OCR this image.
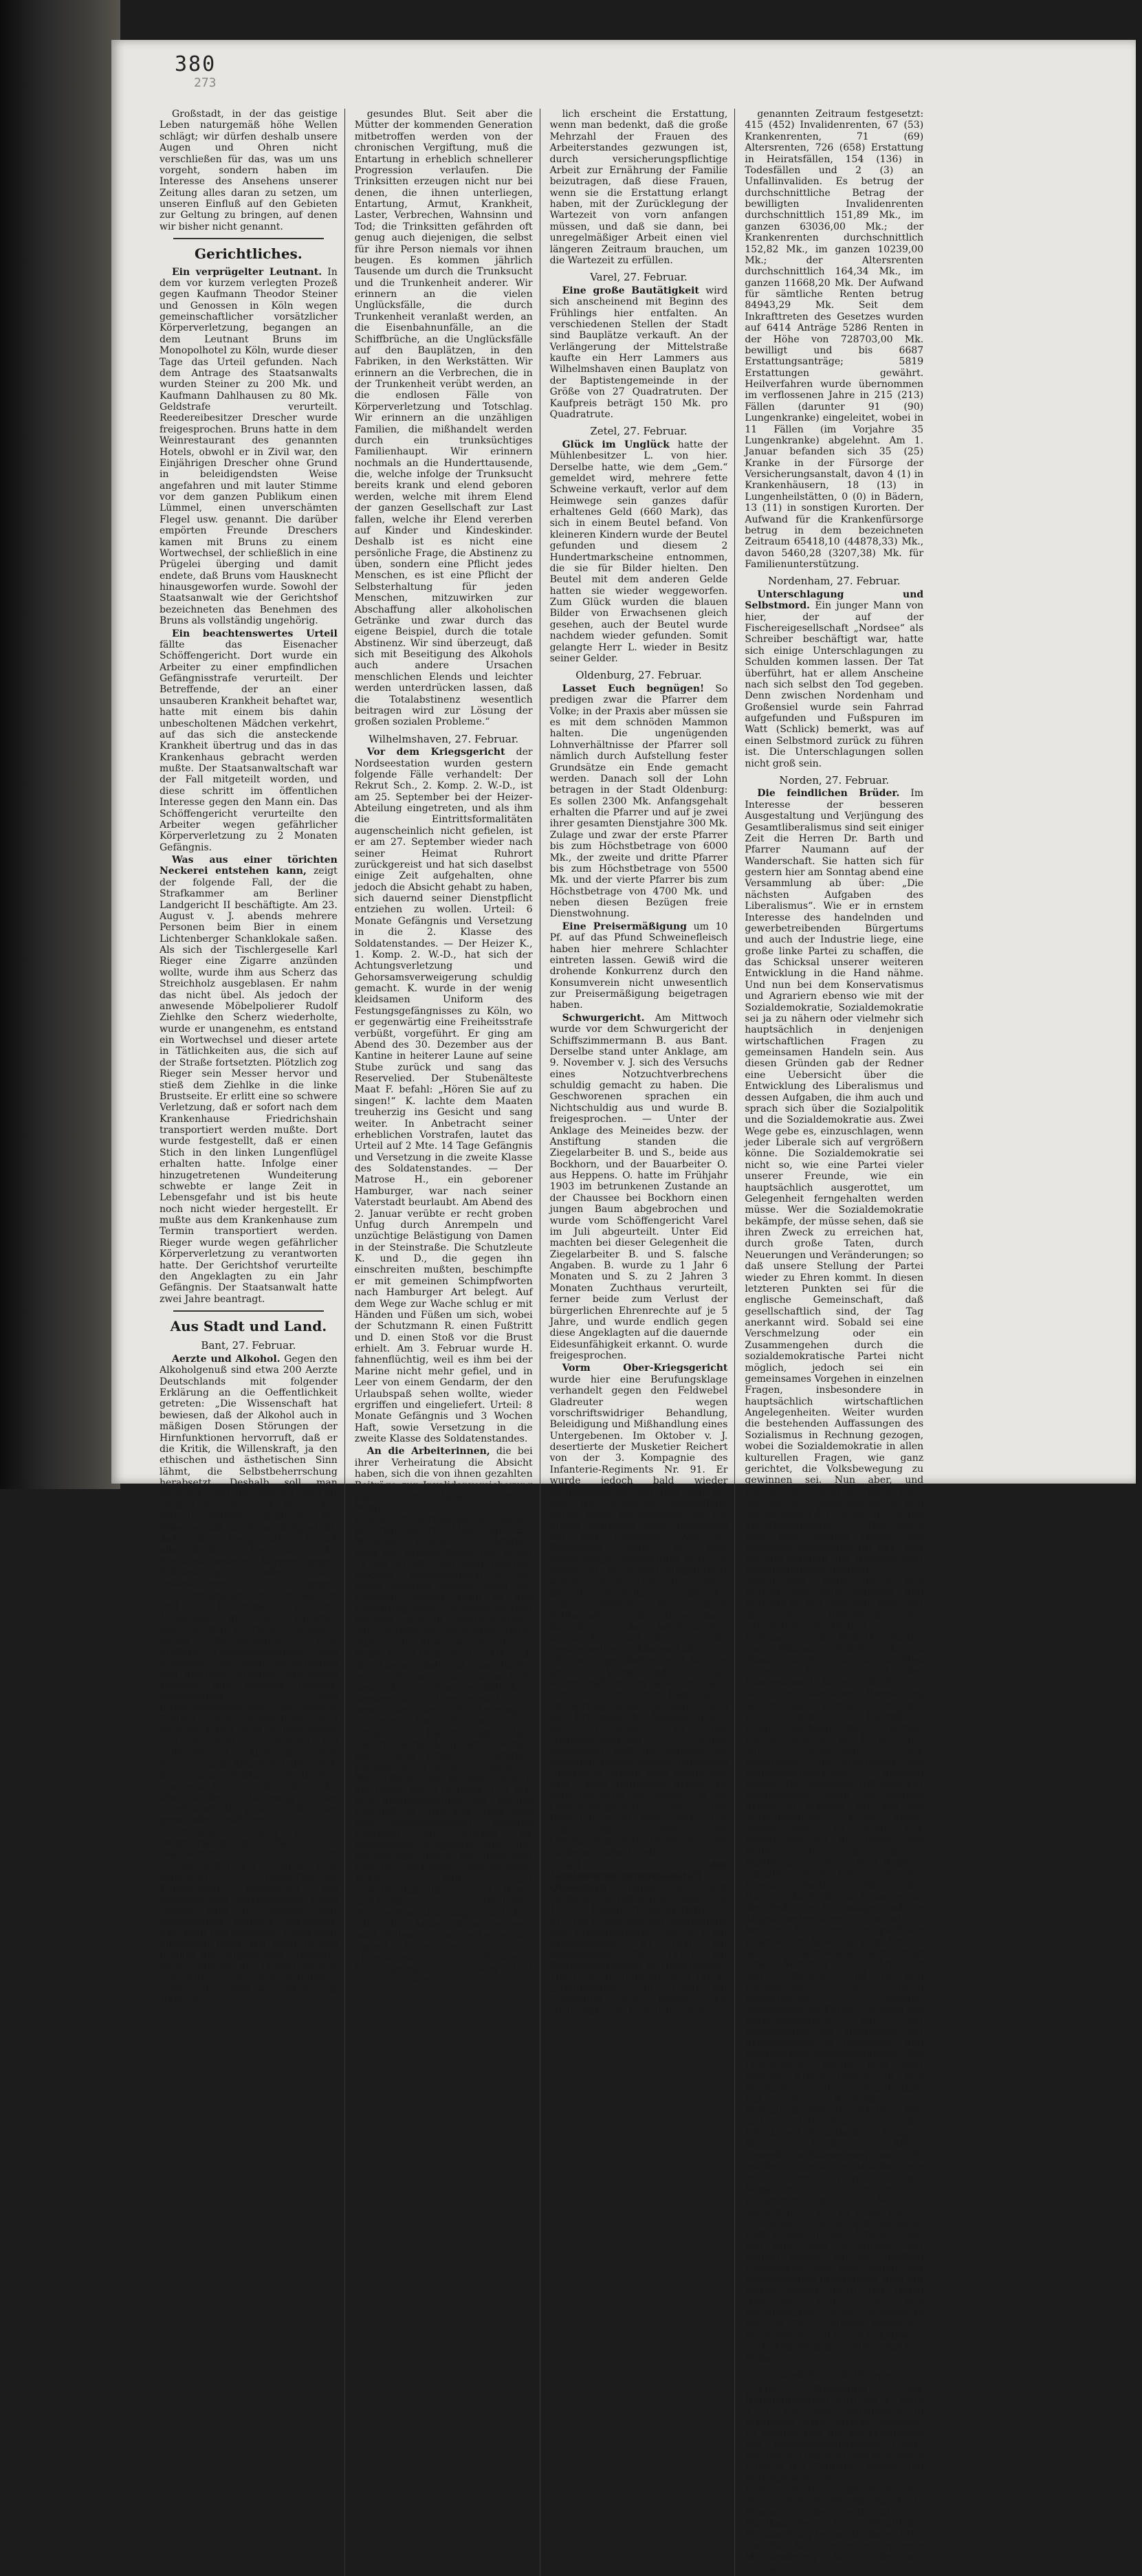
380
273

Großstadt, in der das geistige Leben naturgemäß höhe Wellen schlägt; wir dürfen deshalb unsere Augen und Ohren nicht verschließen für das, was um uns vorgeht, sondern haben im Interesse des Ansehens unserer Zeitung alles daran zu setzen, um unseren Einfluß auf den Gebieten zur Geltung zu bringen, auf denen wir bisher nicht genannt.

Gerichtliches.

Ein verprügelter Leutnant. In dem vor kurzem verlegten Prozeß gegen Kaufmann Theodor Steiner und Genossen in Köln wegen gemeinschaftlicher vorsätzlicher Körperverletzung, begangen an dem Leutnant Bruns im Monopolhotel zu Köln, wurde dieser Tage das Urteil gefunden. Nach dem Antrage des Staatsanwalts wurden Steiner zu 200 Mk. und Kaufmann Dahlhausen zu 80 Mk. Geldstrafe verurteilt. Reedereibesitzer Drescher wurde freigesprochen. Bruns hatte in dem Weinrestaurant des genannten Hotels, obwohl er in Zivil war, den Einjährigen Drescher ohne Grund in beleidigendsten Weise angefahren und mit lauter Stimme vor dem ganzen Publikum einen Lümmel, einen unverschämten Flegel usw. genannt. Die darüber empörten Freunde Dreschers kamen mit Bruns zu einem Wortwechsel, der schließlich in eine Prügelei überging und damit endete, daß Bruns vom Hausknecht hinausgeworfen wurde. Sowohl der Staatsanwalt wie der Gerichtshof bezeichneten das Benehmen des Bruns als vollständig ungehörig.

Ein beachtenswertes Urteil fällte das Eisenacher Schöffengericht. Dort wurde ein Arbeiter zu einer empfindlichen Gefängnisstrafe verurteilt. Der Betreffende, der an einer unsauberen Krankheit behaftet war, hatte mit einem bis dahin unbescholtenen Mädchen verkehrt, auf das sich die ansteckende Krankheit übertrug und das in das Krankenhaus gebracht werden mußte. Der Staatsanwaltschaft war der Fall mitgeteilt worden, und diese schritt im öffentlichen Interesse gegen den Mann ein. Das Schöffengericht verurteilte den Arbeiter wegen gefährlicher Körperverletzung zu 2 Monaten Gefängnis.

Was aus einer törichten Neckerei entstehen kann, zeigt der folgende Fall, der die Strafkammer am Berliner Landgericht II beschäftigte. Am 23. August v. J. abends mehrere Personen beim Bier in einem Lichtenberger Schanklokale saßen. Als sich der Tischlergeselle Karl Rieger eine Zigarre anzünden wollte, wurde ihm aus Scherz das Streichholz ausgeblasen. Er nahm das nicht übel. Als jedoch der anwesende Möbelpolierer Rudolf Ziehlke den Scherz wiederholte, wurde er unangenehm, es entstand ein Wortwechsel und dieser artete in Tätlichkeiten aus, die sich auf der Straße fortsetzten. Plötzlich zog Rieger sein Messer hervor und stieß dem Ziehlke in die linke Brustseite. Er erlitt eine so schwere Verletzung, daß er sofort nach dem Krankenhause Friedrichshain transportiert werden mußte. Dort wurde festgestellt, daß er einen Stich in den linken Lungenflügel erhalten hatte. Infolge einer hinzugetretenen Wundeiterung schwebte er lange Zeit in Lebensgefahr und ist bis heute noch nicht wieder hergestellt. Er mußte aus dem Krankenhause zum Termin transportiert werden. Rieger wurde wegen gefährlicher Körperverletzung zu verantworten hatte. Der Gerichtshof verurteilte den Angeklagten zu ein Jahr Gefängnis. Der Staatsanwalt hatte zwei Jahre beantragt.

Aus Stadt und Land.
Bant, 27. Februar.

Aerzte und Alkohol. Gegen den Alkoholgenuß sind etwa 200 Aerzte Deutschlands mit folgender Erklärung an die Oeffentlichkeit getreten: „Die Wissenschaft hat bewiesen, daß der Alkohol auch in mäßigen Dosen Störungen der Hirnfunktionen hervorruft, daß er die Kritik, die Willenskraft, ja den ethischen und ästhetischen Sinn lähmt, die Selbstbeherrschung herabsetzt. Deshalb soll man einsehen, daß der Alkohol ein Gift ist und denselben nicht länger den Nahrungsmitteln zuzählen. Die Wissenschaft hat ferner festgestellt, daß der fortgesetzte Genuß alkoholischer Getränke die Resistenz unseres Körpers gegen Erkrankungen aller Art, insbesondere gegen Infektionskrankheiten, herabsetzt und die Lebensdauer verkürzt. Menschen, die sich jeglicher alkoholischen Getränke enthalten, haben durchschnittlich eine größere Leistungsfähigkeit und Ausdauer bei allen körperlichen und geistigen Arbeiten, erkranken seltener und genesen rascher, insbesondere von Infektionskrankheiten, als mäßige Trinker. Jede körperliche und geistige Arbeit wird vollkommener und geschickter ausgeführt bei vollkommener Abstinenz. Alle gegenteiligen Angaben haben sich bei genauer Prüfung als Illusion erwiesen, hervorgerufen durch die alkoholische Lähmung der Urteilskraft. Die größte Gefahr des gewohnheitsmäßigen Alkoholgenusses aber ist die Degeneration der Rasse. Die Nachkommen der Gewohnheitstrinker zeigen eine allgemein minderwertige Konstitution, namentlich ein geschwächtes Nervensystem. Diese Gefahr wird in neuerer Zeit insbesondere dadurch gesteigert, daß auch das weibliche Geschlecht allmählich mehr und mehr in den Einfluß der allgemeinen Trinksitte gerät. Solange die Frauen an den Trinksitten sich nicht beteiligen, erbte jeder doch wenigstens zur Hälfte noch

gesundes Blut. Seit aber die Mütter der kommenden Generation mitbetroffen werden von der chronischen Vergiftung, muß die Entartung in erheblich schnellerer Progression verlaufen. Die Trinksitten erzeugen nicht nur bei denen, die ihnen unterliegen, Entartung, Armut, Krankheit, Laster, Verbrechen, Wahnsinn und Tod; die Trinksitten gefährden oft genug auch diejenigen, die selbst für ihre Person niemals vor ihnen beugen. Es kommen jährlich Tausende um durch die Trunksucht und die Trunkenheit anderer. Wir erinnern an die vielen Unglücksfälle, die durch Trunkenheit veranlaßt werden, an die Eisenbahnunfälle, an die Schiffbrüche, an die Unglücksfälle auf den Bauplätzen, in den Fabriken, in den Werkstätten. Wir erinnern an die Verbrechen, die in der Trunkenheit verübt werden, an die endlosen Fälle von Körperverletzung und Totschlag. Wir erinnern an die unzähligen Familien, die mißhandelt werden durch ein trunksüchtiges Familienhaupt. Wir erinnern nochmals an die Hunderttausende, die, welche infolge der Trunksucht bereits krank und elend geboren werden, welche mit ihrem Elend der ganzen Gesellschaft zur Last fallen, welche ihr Elend vererben auf Kinder und Kindeskinder. Deshalb ist es nicht eine persönliche Frage, die Abstinenz zu üben, sondern eine Pflicht jedes Menschen, es ist eine Pflicht der Selbsterhaltung für jeden Menschen, mitzuwirken zur Abschaffung aller alkoholischen Getränke und zwar durch das eigene Beispiel, durch die totale Abstinenz. Wir sind überzeugt, daß sich mit Beseitigung des Alkohols auch andere Ursachen menschlichen Elends und leichter werden unterdrücken lassen, daß die Totalabstinenz wesentlich beitragen wird zur Lösung der großen sozialen Probleme.“

Wilhelmshaven, 27. Februar.

Vor dem Kriegsgericht der Nordseestation wurden gestern folgende Fälle verhandelt: Der Rekrut Sch., 2. Komp. 2. W.-D., ist am 25. September bei der Heizer-Abteilung eingetreten, und als ihm die Eintrittsformalitäten augenscheinlich nicht gefielen, ist er am 27. September wieder nach seiner Heimat Ruhrort zurückgereist und hat sich daselbst einige Zeit aufgehalten, ohne jedoch die Absicht gehabt zu haben, sich dauernd seiner Dienstpflicht entziehen zu wollen. Urteil: 6 Monate Gefängnis und Versetzung in die 2. Klasse des Soldatenstandes. — Der Heizer K., 1. Komp. 2. W.-D., hat sich der Achtungsverletzung und Gehorsamsverweigerung schuldig gemacht. K. wurde in der wenig kleidsamen Uniform des Festungsgefängnisses zu Köln, wo er gegenwärtig eine Freiheitsstrafe verbüßt, vorgeführt. Er ging am Abend des 30. Dezember aus der Kantine in heiterer Laune auf seine Stube zurück und sang das Reservelied. Der Stubenälteste Maat F. befahl: „Hören Sie auf zu singen!“ K. lachte dem Maaten treuherzig ins Gesicht und sang weiter. In Anbetracht seiner erheblichen Vorstrafen, lautet das Urteil auf 2 Mte. 14 Tage Gefängnis und Versetzung in die zweite Klasse des Soldatenstandes. — Der Matrose H., ein geborener Hamburger, war nach seiner Vaterstadt beurlaubt. Am Abend des 2. Januar verübte er recht groben Unfug durch Anrempeln und unzüchtige Belästigung von Damen in der Steinstraße. Die Schutzleute K. und D., die gegen ihn einschreiten mußten, beschimpfte er mit gemeinen Schimpfworten nach Hamburger Art belegt. Auf dem Wege zur Wache schlug er mit Händen und Füßen um sich, wobei der Schutzmann R. einen Fußtritt und D. einen Stoß vor die Brust erhielt. Am 3. Februar wurde H. fahnenflüchtig, weil es ihm bei der Marine nicht mehr gefiel, und in Leer von einem Gendarm, der den Urlaubspaß sehen wollte, wieder ergriffen und eingeliefert. Urteil: 8 Monate Gefängnis und 3 Wochen Haft, sowie Versetzung in die zweite Klasse des Soldatenstandes.

An die Arbeiterinnen, die bei ihrer Verheiratung die Absicht haben, sich die von ihnen gezahlten Beiträge zur Invalidenversicherung zurückzahlen zu lassen, richtet ein Mitglied des Reichsversicherungsamtes folgende beherzigenswerte Mahnung: „Ein Mädchen, welches 200 Marken etwa der zweiten Klasse hat, erhält 14 bis 20 Mk. und zwar mehrere Wochen, wahrscheinlich in der Regel mehrere Monate nach der Hochzeit. Vorher kann es den Erstattungsanspruch weder geltend machen noch an andere abtreten oder verpfänden verwerten. Dafür gibt sie die Anwartschaft auf eine Rente von 116 bezw. 132 Mk. auf; die Anwartschaft auf eine Rente, welche sie, wenn sie nur im Falle dauernder Erwerbsunfähigkeit, sondern auch dann gezahlt wird, wenn sie das 70. Lebensjahr vollendet hat. Es würde in vergleichen Fällen sogar Jahr dauert; wirklich gezahlt werden kann! Sind schon 500 Marken vorhanden, so werden 35 bezw. 50 Mk. erstattet und aufgegeben wird die Rente von 115 bezw. 150 Mk. Wie unwirtschaftlich ein solches Geschäft ist, wird klar, wenn man sich vergegenwärtigt, welchen Gefahren die Frauen im Wochenbett ausgesetzt sind; der Wechselfälle denen sie ausgesetzt sind mit Spülwasser, Speiseresten, Kohlen, Müll und gewebsentzündungen und durch unscheinbare Hautrisse, Zellgewebsentzündungen und dem oder die Armes herumgetragen wird. Fallen nicht so die Armen zum Opfer? Fallen nicht so die Tuberkulose, Blutarmut, Frauenkrankheiten fordern. Und vollends unwirtschaft-

lich erscheint die Erstattung, wenn man bedenkt, daß die große Mehrzahl der Frauen des Arbeiterstandes gezwungen ist, durch versicherungspflichtige Arbeit zur Ernährung der Familie beizutragen, daß diese Frauen, wenn sie die Erstattung erlangt haben, mit der Zurücklegung der Wartezeit von vorn anfangen müssen, und daß sie dann, bei unregelmäßiger Arbeit einen viel längeren Zeitraum brauchen, um die Wartezeit zu erfüllen.

Varel, 27. Februar.

Eine große Bautätigkeit wird sich anscheinend mit Beginn des Frühlings hier entfalten. An verschiedenen Stellen der Stadt sind Bauplätze verkauft. An der Verlängerung der Mittelstraße kaufte ein Herr Lammers aus Wilhelmshaven einen Bauplatz von der Baptistengemeinde in der Größe von 27 Quadratruten. Der Kaufpreis beträgt 150 Mk. pro Quadratrute.

Zetel, 27. Februar.

Glück im Unglück hatte der Mühlenbesitzer L. von hier. Derselbe hatte, wie dem „Gem.“ gemeldet wird, mehrere fette Schweine verkauft, verlor auf dem Heimwege sein ganzes dafür erhaltenes Geld (660 Mark), das sich in einem Beutel befand. Von kleineren Kindern wurde der Beutel gefunden und diesem 2 Hundertmarkscheine entnommen, die sie für Bilder hielten. Den Beutel mit dem anderen Gelde hatten sie wieder weggeworfen. Zum Glück wurden die blauen Bilder von Erwachsenen gleich gesehen, auch der Beutel wurde nachdem wieder gefunden. Somit gelangte Herr L. wieder in Besitz seiner Gelder.

Oldenburg, 27. Februar.

Lasset Euch begnügen! So predigen zwar die Pfarrer dem Volke; in der Praxis aber müssen sie es mit dem schnöden Mammon halten. Die ungenügenden Lohnverhältnisse der Pfarrer soll nämlich durch Aufstellung fester Grundsätze ein Ende gemacht werden. Danach soll der Lohn betragen in der Stadt Oldenburg: Es sollen 2300 Mk. Anfangsgehalt erhalten die Pfarrer und auf je zwei ihrer gesamten Dienstjahre 300 Mk. Zulage und zwar der erste Pfarrer bis zum Höchstbetrage von 6000 Mk., der zweite und dritte Pfarrer bis zum Höchstbetrage von 5500 Mk. und der vierte Pfarrer bis zum Höchstbetrage von 4700 Mk. und neben diesen Bezügen freie Dienstwohnung.

Eine Preisermäßigung um 10 Pf. auf das Pfund Schweinefleisch haben hier mehrere Schlachter eintreten lassen. Gewiß wird die drohende Konkurrenz durch den Konsumverein nicht unwesentlich zur Preisermäßigung beigetragen haben.

Schwurgericht. Am Mittwoch wurde vor dem Schwurgericht der Schiffszimmermann B. aus Bant. Derselbe stand unter Anklage, am 9. November v. J. sich des Versuchs eines Notzuchtverbrechens schuldig gemacht zu haben. Die Geschworenen sprachen ein Nichtschuldig aus und wurde B. freigesprochen. — Unter der Anklage des Meineides bezw. der Anstiftung standen die Ziegelarbeiter B. und S., beide aus Bockhorn, und der Bauarbeiter O. aus Heppens. O. hatte im Frühjahr 1903 im betrunkenen Zustande an der Chaussee bei Bockhorn einen jungen Baum abgebrochen und wurde vom Schöffengericht Varel im Juli abgeurteilt. Unter Eid machten bei dieser Gelegenheit die Ziegelarbeiter B. und S. falsche Angaben. B. wurde zu 1 Jahr 6 Monaten und S. zu 2 Jahren 3 Monaten Zuchthaus verurteilt, ferner beide zum Verlust der bürgerlichen Ehrenrechte auf je 5 Jahre, und wurde endlich gegen diese Angeklagten auf die dauernde Eidesunfähigkeit erkannt. O. wurde freigesprochen.

Vorm Ober-Kriegsgericht wurde hier eine Berufungsklage verhandelt gegen den Feldwebel Gladreuter wegen vorschriftswidriger Behandlung, Beleidigung und Mißhandlung eines Untergebenen. Im Oktober v. J. desertierte der Musketier Reichert von der 3. Kompagnie des Infanterie-Regiments Nr. 91. Er wurde jedoch bald wieder zurückgebracht und gab nun an, daß die schlechte Behandlung durch seine Vorgesetzten ihn zur Flucht getrieben habe. Besonders auf den Feldwebel. Am 26. September habe er eine siebentägige Arreststrafe antreten sollen; er sei hierzu aufgefordert worden, und der Unteroffizier habe ihn des schmutzigen Zustandes seiner Wäsche bei seinem Feldwebel gemeldet. Dieser habe ihm, Reichert, dann befohlen, sich auszuziehen und ihn vor der versammelten Mannschaft ein „Schwein“ gescholten, auch habe er ihn „vier Viertelstunden vor der Mannschaft stehen lassen müssen, zum Gaudium seiner Kameraden. Im Verfolg dieser Aussage erhob das Kriegsgericht Anklage gegen den Feldwebel. In der Hauptverhandlung wurde festgestellt, daß die Angaben des Rekruten richtig waren. Feldwebel Gladreuter erhielt eine Strafe von drei Tagen mittlerem Arrest. Er legte Berufung ein, welche ihm das Oberkriegsgericht mit der Begründung, er habe doch „nur seine Pflicht“ getan. Das Oberkriegsgericht bestätigte das vorinstanzliche Urteil.

Bei der Landesversicherungsanstalt Oldenburg lagen in dem verflossenen Jahre (die Zahlen für 1902 in Klammern nachgefügt) vor: 612 (581) Anträge auf Bewilligung von Invalidenrenten, 69 (61) auf Krankenrente, 87 (84) auf Altersrenten, 767 (712) auf Beitragserstattung in Heiratsfällen, 168 (154) in Todesfällen, 3 (4) an Unfallinvaliden, 381 (298) auf Erstattung der Kosten des Heilverfahrens. Es wurden in dem

genannten Zeitraum festgesetzt: 415 (452) Invalidenrenten, 67 (53) Krankenrenten, 71 (69) Altersrenten, 726 (658) Erstattung in Heiratsfällen, 154 (136) in Todesfällen und 2 (3) an Unfallinvaliden. Es betrug der durchschnittliche Betrag der bewilligten Invalidenrenten durchschnittlich 151,89 Mk., im ganzen 63036,00 Mk.; der Krankenrenten durchschnittlich 152,82 Mk., im ganzen 10239,00 Mk.; der Altersrenten durchschnittlich 164,34 Mk., im ganzen 11668,20 Mk. Der Aufwand für sämtliche Renten betrug 84943,29 Mk. Seit dem Inkrafttreten des Gesetzes wurden auf 6414 Anträge 5286 Renten in der Höhe von 728703,00 Mk. bewilligt und bis 6687 Erstattungsanträge; 5819 Erstattungen gewährt. Heilverfahren wurde übernommen im verflossenen Jahre in 215 (213) Fällen (darunter 91 (90) Lungenkranke) eingeleitet, wobei in 11 Fällen (im Vorjahre 35 Lungenkranke) abgelehnt. Am 1. Januar befanden sich 35 (25) Kranke in der Fürsorge der Versicherungsanstalt, davon 4 (1) in Krankenhäusern, 18 (13) in Lungenheilstätten, 0 (0) in Bädern, 13 (11) in sonstigen Kurorten. Der Aufwand für die Krankenfürsorge betrug in dem bezeichneten Zeitraum 65418,10 (44878,33) Mk., davon 5460,28 (3207,38) Mk. für Familienunterstützung.

Nordenham, 27. Februar.

Unterschlagung und Selbstmord. Ein junger Mann von hier, der auf der Fischereigesellschaft „Nordsee“ als Schreiber beschäftigt war, hatte sich einige Unterschlagungen zu Schulden kommen lassen. Der Tat überführt, hat er allem Anscheine nach sich selbst den Tod gegeben. Denn zwischen Nordenham und Großensiel wurde sein Fahrrad aufgefunden und Fußspuren im Watt (Schlick) bemerkt, was auf einen Selbstmord zurück zu führen ist. Die Unterschlagungen sollen nicht groß sein.

Norden, 27. Februar.

Die feindlichen Brüder. Im Interesse der besseren Ausgestaltung und Verjüngung des Gesamtliberalismus sind seit einiger Zeit die Herren Dr. Barth und Pfarrer Naumann auf der Wanderschaft. Sie hatten sich für gestern hier am Sonntag abend eine Versammlung ab über: „Die nächsten Aufgaben des Liberalismus“. Wie er in ernstem Interesse des handelnden und gewerbetreibenden Bürgertums und auch der Industrie liege, eine große linke Partei zu schaffen, die das Schicksal unserer weiteren Entwicklung in die Hand nähme. Und nun bei dem Konservatismus und Agrariern ebenso wie mit der Sozialdemokratie, Sozialdemokratie sei ja zu nähern oder vielmehr sich hauptsächlich in denjenigen wirtschaftlichen Fragen zu gemeinsamen Handeln sein. Aus diesen Gründen gab der Redner eine Uebersicht über die Entwicklung des Liberalismus und dessen Aufgaben, die ihm auch und sprach sich über die Sozialpolitik und die Sozialdemokratie aus. Zwei Wege gebe es, einzuschlagen, wenn jeder Liberale sich auf vergrößern könne. Die Sozialdemokratie sei nicht so, wie eine Partei vieler unserer Freunde, wie ein hauptsächlich ausgerottet, um Gelegenheit ferngehalten werden müsse. Wer die Sozialdemokratie bekämpfe, der müsse sehen, daß sie ihren Zweck zu erreichen hat, durch große Taten, durch Neuerungen und Veränderungen; so daß unsere Stellung der Partei wieder zu Ehren kommt. In diesen letzteren Punkten sei für die englische Gemeinschaft, daß gesellschaftlich sind, der Tag anerkannt wird. Sobald sei eine Verschmelzung oder ein Zusammengehen durch die sozialdemokratische Partei nicht möglich, jedoch sei ein gemeinsames Vorgehen in einzelnen Fragen, insbesondere in hauptsächlich wirtschaftlichen Angelegenheiten. Weiter wurden die bestehenden Auffassungen des Sozialismus in Rechnung gezogen, wobei die Sozialdemokratie in allen kulturellen Fragen, wie ganz gerichtet, die Volksbewegung zu gewinnen sei. Nun aber, und welcher Rechnung getragen wird, der mit die Volksbewegung, in den Verhältnissen der Ausnahmeren und Zuchthausgesetze. — Das sollte man sich gefallen lassen. Die Reformer verstanden für das, was wir hier verlangt, die Wünsche aller Versammlungsteilnehmer entsprechen, wenn durch den Bericht des Volks-Sonntags und Berichts ist aus dem Volk sehr spät als einer Diskussion. Der nationalliberale Redner wies die Ansinnen, in der Sozialdemokratie einen Pakt abzuschließen, oder ein Zusammengehen zu suchen. Man könne sich nicht auf der Klassenkampf führe und ihr Ziel sehe der staatlichen Umwälzung der heutigen Zustände, und der Zustand gegen die Jugendliche Frage, überhaupt dieses Themas, von Seiten dieses der Fürsprecher, durch Gesinnungen stark einzutreten, die Fraktionen des Abgeordnetenhauses gesehen wollen. Der Antisemit gilt eine nur anzukommen, wenn die positive Arbeit zu erzielen hat und die Sozialdemokratie keine Arbeit leisten kann. Er werde sich anschließen an die gewiß aus Müller, der die besten Ausführungen des letzten Redners einnahm. Sowie hat er für den Einsturz Parteien. Wenn der Umsturz die Rede sein könne, so sei die Rede im Reichstage und im Abgeordnetenhause. Er selbst sei bei der Einnahme der positiven praktischen Arbeiten kein Freund der Sozialdemokratie, wenn man unsere Vertreter bei der Arbeit in den Gemeinden und in den Parlamenten sieht, ihren unbeirrbaren, ständig-oppositionellen Körper. Es kann die Sozialdemokratie nur zur Verteidigung der Interessen der Arbeiterschaft in Gemeinde- und kommunalen Angelegenheiten. Die Liberalismus werde kein sehr positive Arbeit liefern, in den Streitenlagen der Zukunftsstaat. Für den Reichstag ein Bedeutungsspiel ist, und Herr Vor- und Entrechtungen der Arbeiterschaft zustande zu bringen, für solche Arbeit Gewerkschaftsbewegung aus. Er würde sich in seinen Ausführungen mit dem Vertreter der Sozialdemokratie keinen Sinn des Zusammenkommens. Die Verdienst derselben sei nur zu sehen wie sei lernen und Ziele der Arbeiterklasse weit ersehnen, um Arbeiterschaft und ihre Ziele zu wirken. Der Redner sprach mit der größten Genauigkeit von den Zeiten des sozialistischen Programms, ging auf hieran wieder Barth und Herrn Naumann und sich den Versammelten seine Propaganda machen. Herr Naumann schloß die Versammlung mit einem Schlußwort nach Angriffen des antisemitischen Redner.

Osnabrück, 26. Februar.

Ein Nachspiel zur Reichstagswahl wird am 4. März d. J. vor dem Amtsgericht in Malgarten zum Austrag kommen. Es handelt sich um die Privatklage des Reichstagskandidaten Frhrn. von Bar auf Barenau, des bekannten Führers der Zentrum, Welfen und Agrarkonservativen Gemeinschaftlich aufgestellt war, gegen den Kaufmann Rasch in Bramsche, der während des Wahlkampfes in öffentlicher Versammlung behauptet habe, Frhr. von Bar habe in seiner früheren Mietswohnung Kaiserbilder mit weißschen
